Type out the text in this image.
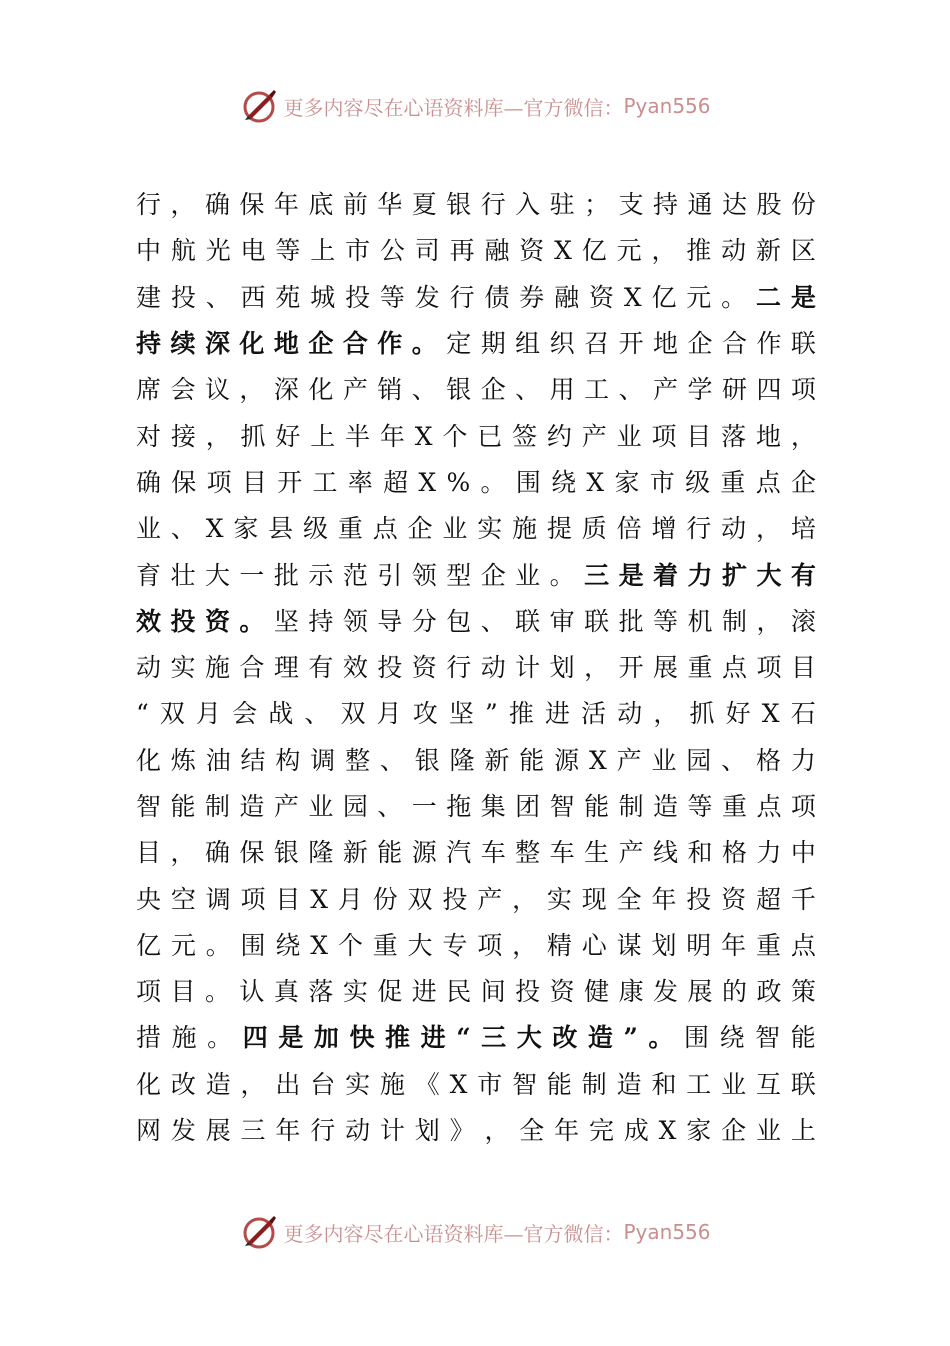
更多内容尽在心语资料库—官方微信： Pyan556
行 ， 确 保 年 底 前 华 夏 银 行 入 驻 ； 支 持 通 达 股 份
中 航 光 电 等 上 市 公 司 再 融 资 X 亿 元 ， 推 动 新 区
建 投 、 西 苑 城 投 等 发 行 债 券 融 资 X 亿 元 。 二 是
持 续 深 化 地 企 合 作 。 定 期 组 织 召 开 地 企 合 作 联
席 会 议 ， 深 化 产 销 、 银 企 、 用 工 、 产 学 研 四 项
对 接 ， 抓 好 上 半 年 X 个 已 签 约 产 业 项 目 落 地 ，
确 保 项 目 开 工 率 超 X % 。 围 绕 X 家 市 级 重 点 企
业 、 X 家 县 级 重 点 企 业 实 施 提 质 倍 增 行 动 ， 培
育 壮 大 一 批 示 范 引 领 型 企 业 。 三 是 着 力 扩 大 有
效 投 资 。 坚 持 领 导 分 包 、 联 审 联 批 等 机 制 ， 滚
动 实 施 合 理 有 效 投 资 行 动 计 划 ， 开 展 重 点 项 目
“ 双 月 会 战 、 双 月 攻 坚 ” 推 进 活 动 ， 抓 好 X 石
化 炼 油 结 构 调 整 、 银 隆 新 能 源 X 产 业 园 、 格 力
智 能 制 造 产 业 园 、 一 拖 集 团 智 能 制 造 等 重 点 项
目 ， 确 保 银 隆 新 能 源 汽 车 整 车 生 产 线 和 格 力 中
央 空 调 项 目 X 月 份 双 投 产 ， 实 现 全 年 投 资 超 千
亿 元 。 围 绕 X 个 重 大 专 项 ， 精 心 谋 划 明 年 重 点
项 目 。 认 真 落 实 促 进 民 间 投 资 健 康 发 展 的 政 策
措 施 。 四 是 加 快 推 进 “ 三 大 改 造 ” 。 围 绕 智 能
化 改 造 ， 出 台 实 施 《 X 市 智 能 制 造 和 工 业 互 联
网 发 展 三 年 行 动 计 划 》 ， 全 年 完 成 X 家 企 业 上
更多内容尽在心语资料库—官方微信： Pyan556
